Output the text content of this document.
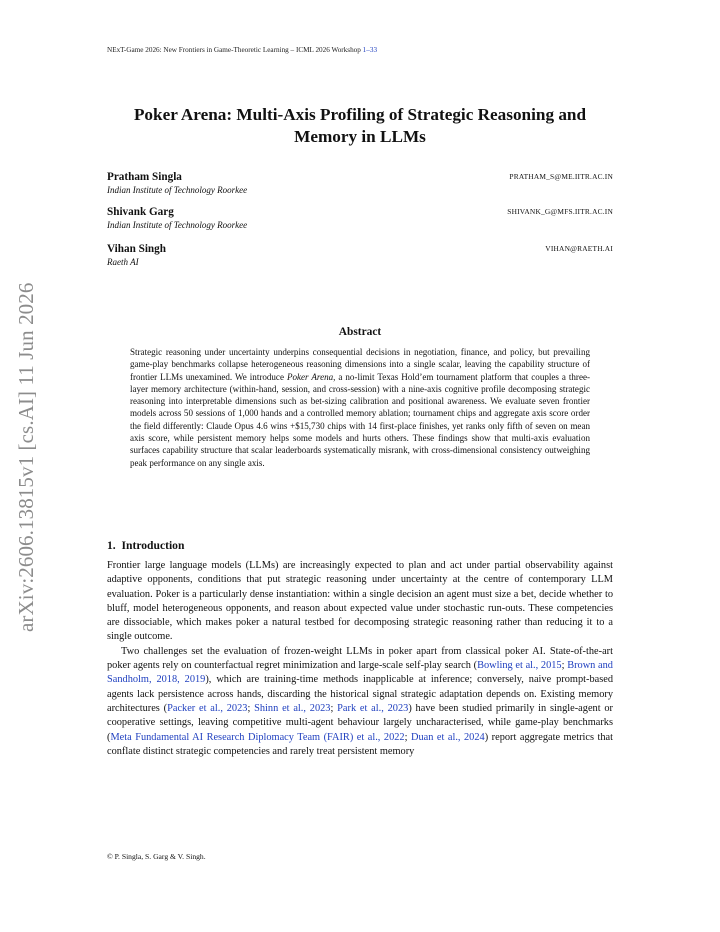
NExT-Game 2026: New Frontiers in Game-Theoretic Learning – ICML 2026 Workshop 1–33
arXiv:2606.13815v1 [cs.AI] 11 Jun 2026
Poker Arena: Multi-Axis Profiling of Strategic Reasoning and Memory in LLMs
Pratham Singla	PRATHAM_S@ME.IITR.AC.IN
Indian Institute of Technology Roorkee
Shivank Garg	SHIVANK_G@MFS.IITR.AC.IN
Indian Institute of Technology Roorkee
Vihan Singh	VIHAN@RAETH.AI
Raeth AI
Abstract
Strategic reasoning under uncertainty underpins consequential decisions in negotiation, finance, and policy, but prevailing game-play benchmarks collapse heterogeneous reasoning dimensions into a single scalar, leaving the capability structure of frontier LLMs unexamined. We introduce Poker Arena, a no-limit Texas Hold’em tournament platform that couples a three-layer memory architecture (within-hand, session, and cross-session) with a nine-axis cognitive profile decomposing strategic reasoning into interpretable dimensions such as bet-sizing calibration and positional awareness. We evaluate seven frontier models across 50 sessions of 1,000 hands and a controlled memory ablation; tournament chips and aggregate axis score order the field differently: Claude Opus 4.6 wins +$15,730 chips with 14 first-place finishes, yet ranks only fifth of seven on mean axis score, while persistent memory helps some models and hurts others. These findings show that multi-axis evaluation surfaces capability structure that scalar leaderboards systematically misrank, with cross-dimensional consistency outweighing peak performance on any single axis.
1. Introduction

Frontier large language models (LLMs) are increasingly expected to plan and act under partial observability against adaptive opponents, conditions that put strategic reasoning under uncertainty at the centre of contemporary LLM evaluation. Poker is a particularly dense instantiation: within a single decision an agent must size a bet, decide whether to bluff, model heterogeneous opponents, and reason about expected value under stochastic run-outs. These competencies are dissociable, which makes poker a natural testbed for decomposing strategic reasoning rather than reducing it to a single outcome.

Two challenges set the evaluation of frozen-weight LLMs in poker apart from classical poker AI. State-of-the-art poker agents rely on counterfactual regret minimization and large-scale self-play search (Bowling et al., 2015; Brown and Sandholm, 2018, 2019), which are training-time methods inapplicable at inference; conversely, naive prompt-based agents lack persistence across hands, discarding the historical signal strategic adaptation depends on. Existing memory architectures (Packer et al., 2023; Shinn et al., 2023; Park et al., 2023) have been studied primarily in single-agent or cooperative settings, leaving competitive multi-agent behaviour largely uncharacterised, while game-play benchmarks (Meta Fundamental AI Research Diplomacy Team (FAIR) et al., 2022; Duan et al., 2024) report aggregate metrics that conflate distinct strategic competencies and rarely treat persistent memory

© P. Singla, S. Garg & V. Singh.
